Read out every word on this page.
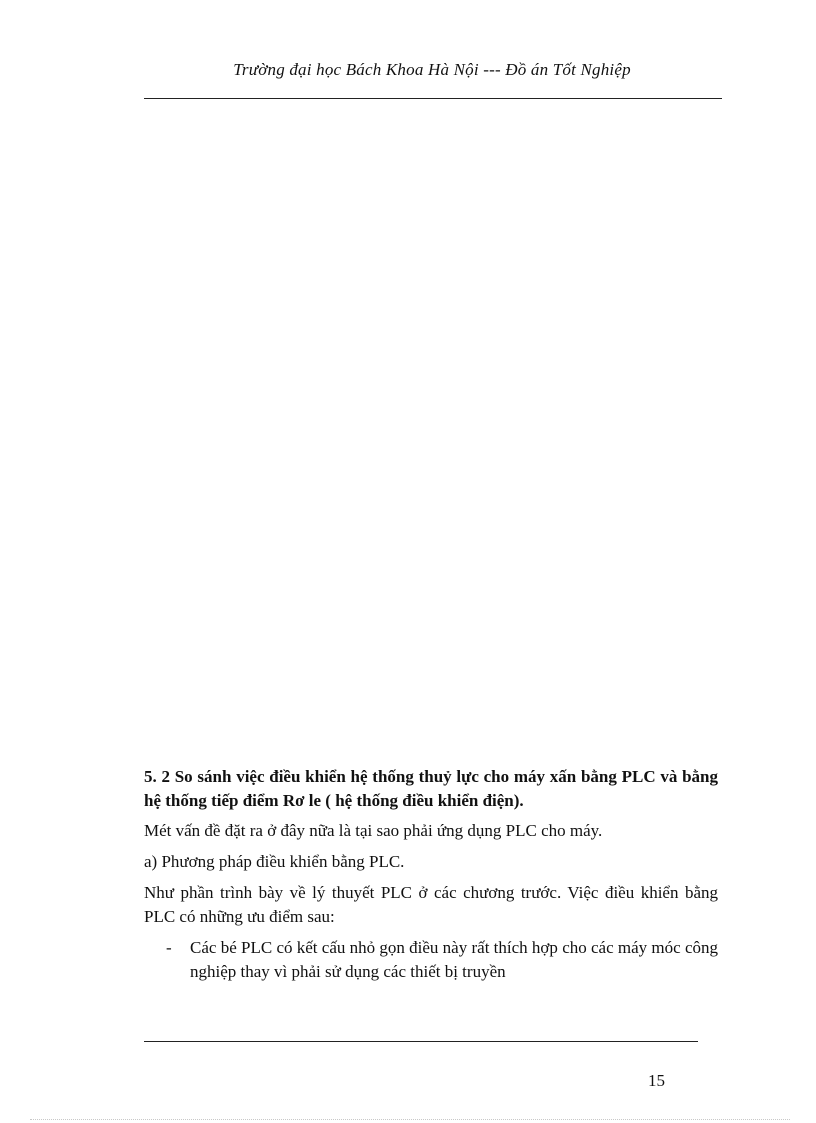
Trường đại học Bách Khoa Hà Nội --- Đồ án Tốt Nghiệp

5. 2 So sánh việc điều khiển hệ thống thuỷ lực cho máy xấn bằng PLC và bằng hệ thống tiếp điểm Rơ le ( hệ thống điều khiển điện).

Mét vấn đề đặt ra ở đây nữa là tại sao phải ứng dụng PLC cho máy.

a) Phương pháp điều khiển bằng PLC.

Như phần trình bày về lý thuyết PLC ở các chương trước. Việc điều khiển bằng PLC có những ưu điểm sau:

- Các bé PLC có kết cấu nhỏ gọn điều này rất thích hợp cho các máy móc công nghiệp thay vì phải sử dụng các thiết bị truyền
15
